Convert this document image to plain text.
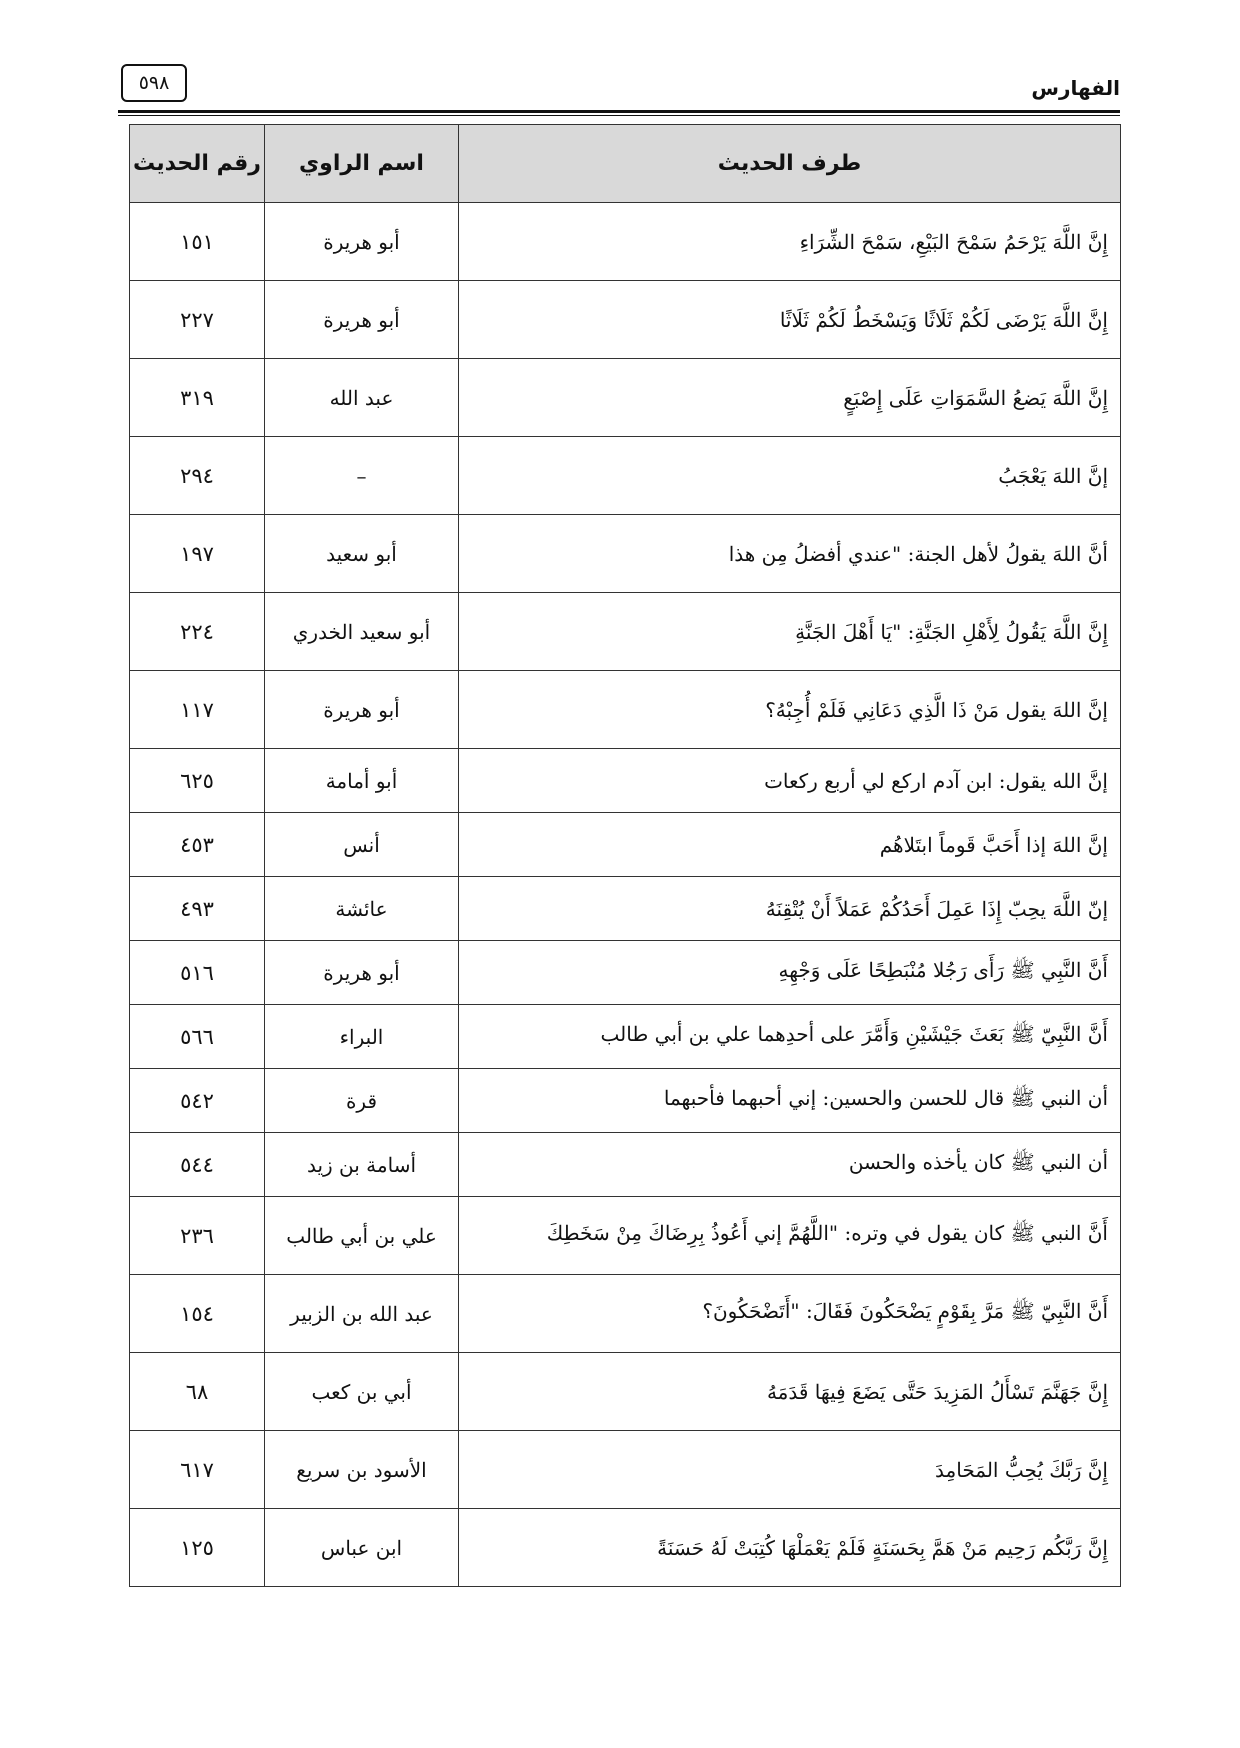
الفهارس
٥٩٨
طرف الحديث	اسم الراوي	رقم الحديث
إِنَّ اللَّهَ يَرْحَمُ سَمْحَ البَيْعِ، سَمْحَ الشِّرَاءِ	أبو هريرة	١٥١
إِنَّ اللَّهَ يَرْضَى لَكُمْ ثَلَاثًا وَيَسْخَطُ لَكُمْ ثَلَاثًا	أبو هريرة	٢٢٧
إِنَّ اللَّهَ يَضعُ السَّمَوَاتِ عَلَى إِصْبَعٍ	عبد الله	٣١٩
إنَّ اللهَ يَعْجَبُ	–	٢٩٤
أنَّ اللهَ يقولُ لأهل الجنة: "عندي أفضلُ مِن هذا	أبو سعيد	١٩٧
إِنَّ اللَّهَ يَقُولُ لِأَهْلِ الجَنَّةِ: "يَا أَهْلَ الجَنَّةِ	أبو سعيد الخدري	٢٢٤
إنَّ اللهَ يقول مَنْ ذَا الَّذِي دَعَانِي فَلَمْ أُجِبْهُ؟	أبو هريرة	١١٧
إنَّ الله يقول: ابن آدم اركع لي أربع ركعات	أبو أمامة	٦٢٥
إنَّ اللهَ إذا أَحَبَّ قَوماً ابتَلاهُم	أنس	٤٥٣
إنّ اللَّهَ يحِبّ إِذَا عَمِلَ أَحَدُكُمْ عَمَلاً أَنْ يُتْقِنَهُ	عائشة	٤٩٣
أَنَّ النَّبِي ﷺ رَأَى رَجُلا مُنْبَطِحًا عَلَى وَجْهِهِ	أبو هريرة	٥١٦
أَنَّ النَّبِيّ ﷺ بَعَثَ جَيْشَيْنِ وَأَمَّرَ على أحدِهما علي بن أبي طالب	البراء	٥٦٦
أن النبي ﷺ قال للحسن والحسين: إني أحبهما فأحبهما	قرة	٥٤٢
أن النبي ﷺ كان يأخذه والحسن	أسامة بن زيد	٥٤٤
أَنَّ النبي ﷺ كان يقول في وتره: "اللَّهُمَّ إني أَعُوذُ بِرِضَاكَ مِنْ سَخَطِكَ	علي بن أبي طالب	٢٣٦
أَنَّ النَّبِيّ ﷺ مَرَّ بِقَوْمٍ يَضْحَكُونَ فَقَالَ: "أَتَضْحَكُونَ؟	عبد الله بن الزبير	١٥٤
إِنَّ جَهَنَّمَ تَسْأَلُ المَزِيدَ حَتَّى يَضَعَ فِيهَا قَدَمَهُ	أبي بن كعب	٦٨
إِنَّ رَبَّكَ يُحِبُّ المَحَامِدَ	الأسود بن سريع	٦١٧
إِنَّ رَبَّكُم رَحِيم مَنْ هَمَّ بِحَسَنَةٍ فَلَمْ يَعْمَلْهَا كُتِبَتْ لَهُ حَسَنَةً	ابن عباس	١٢٥
